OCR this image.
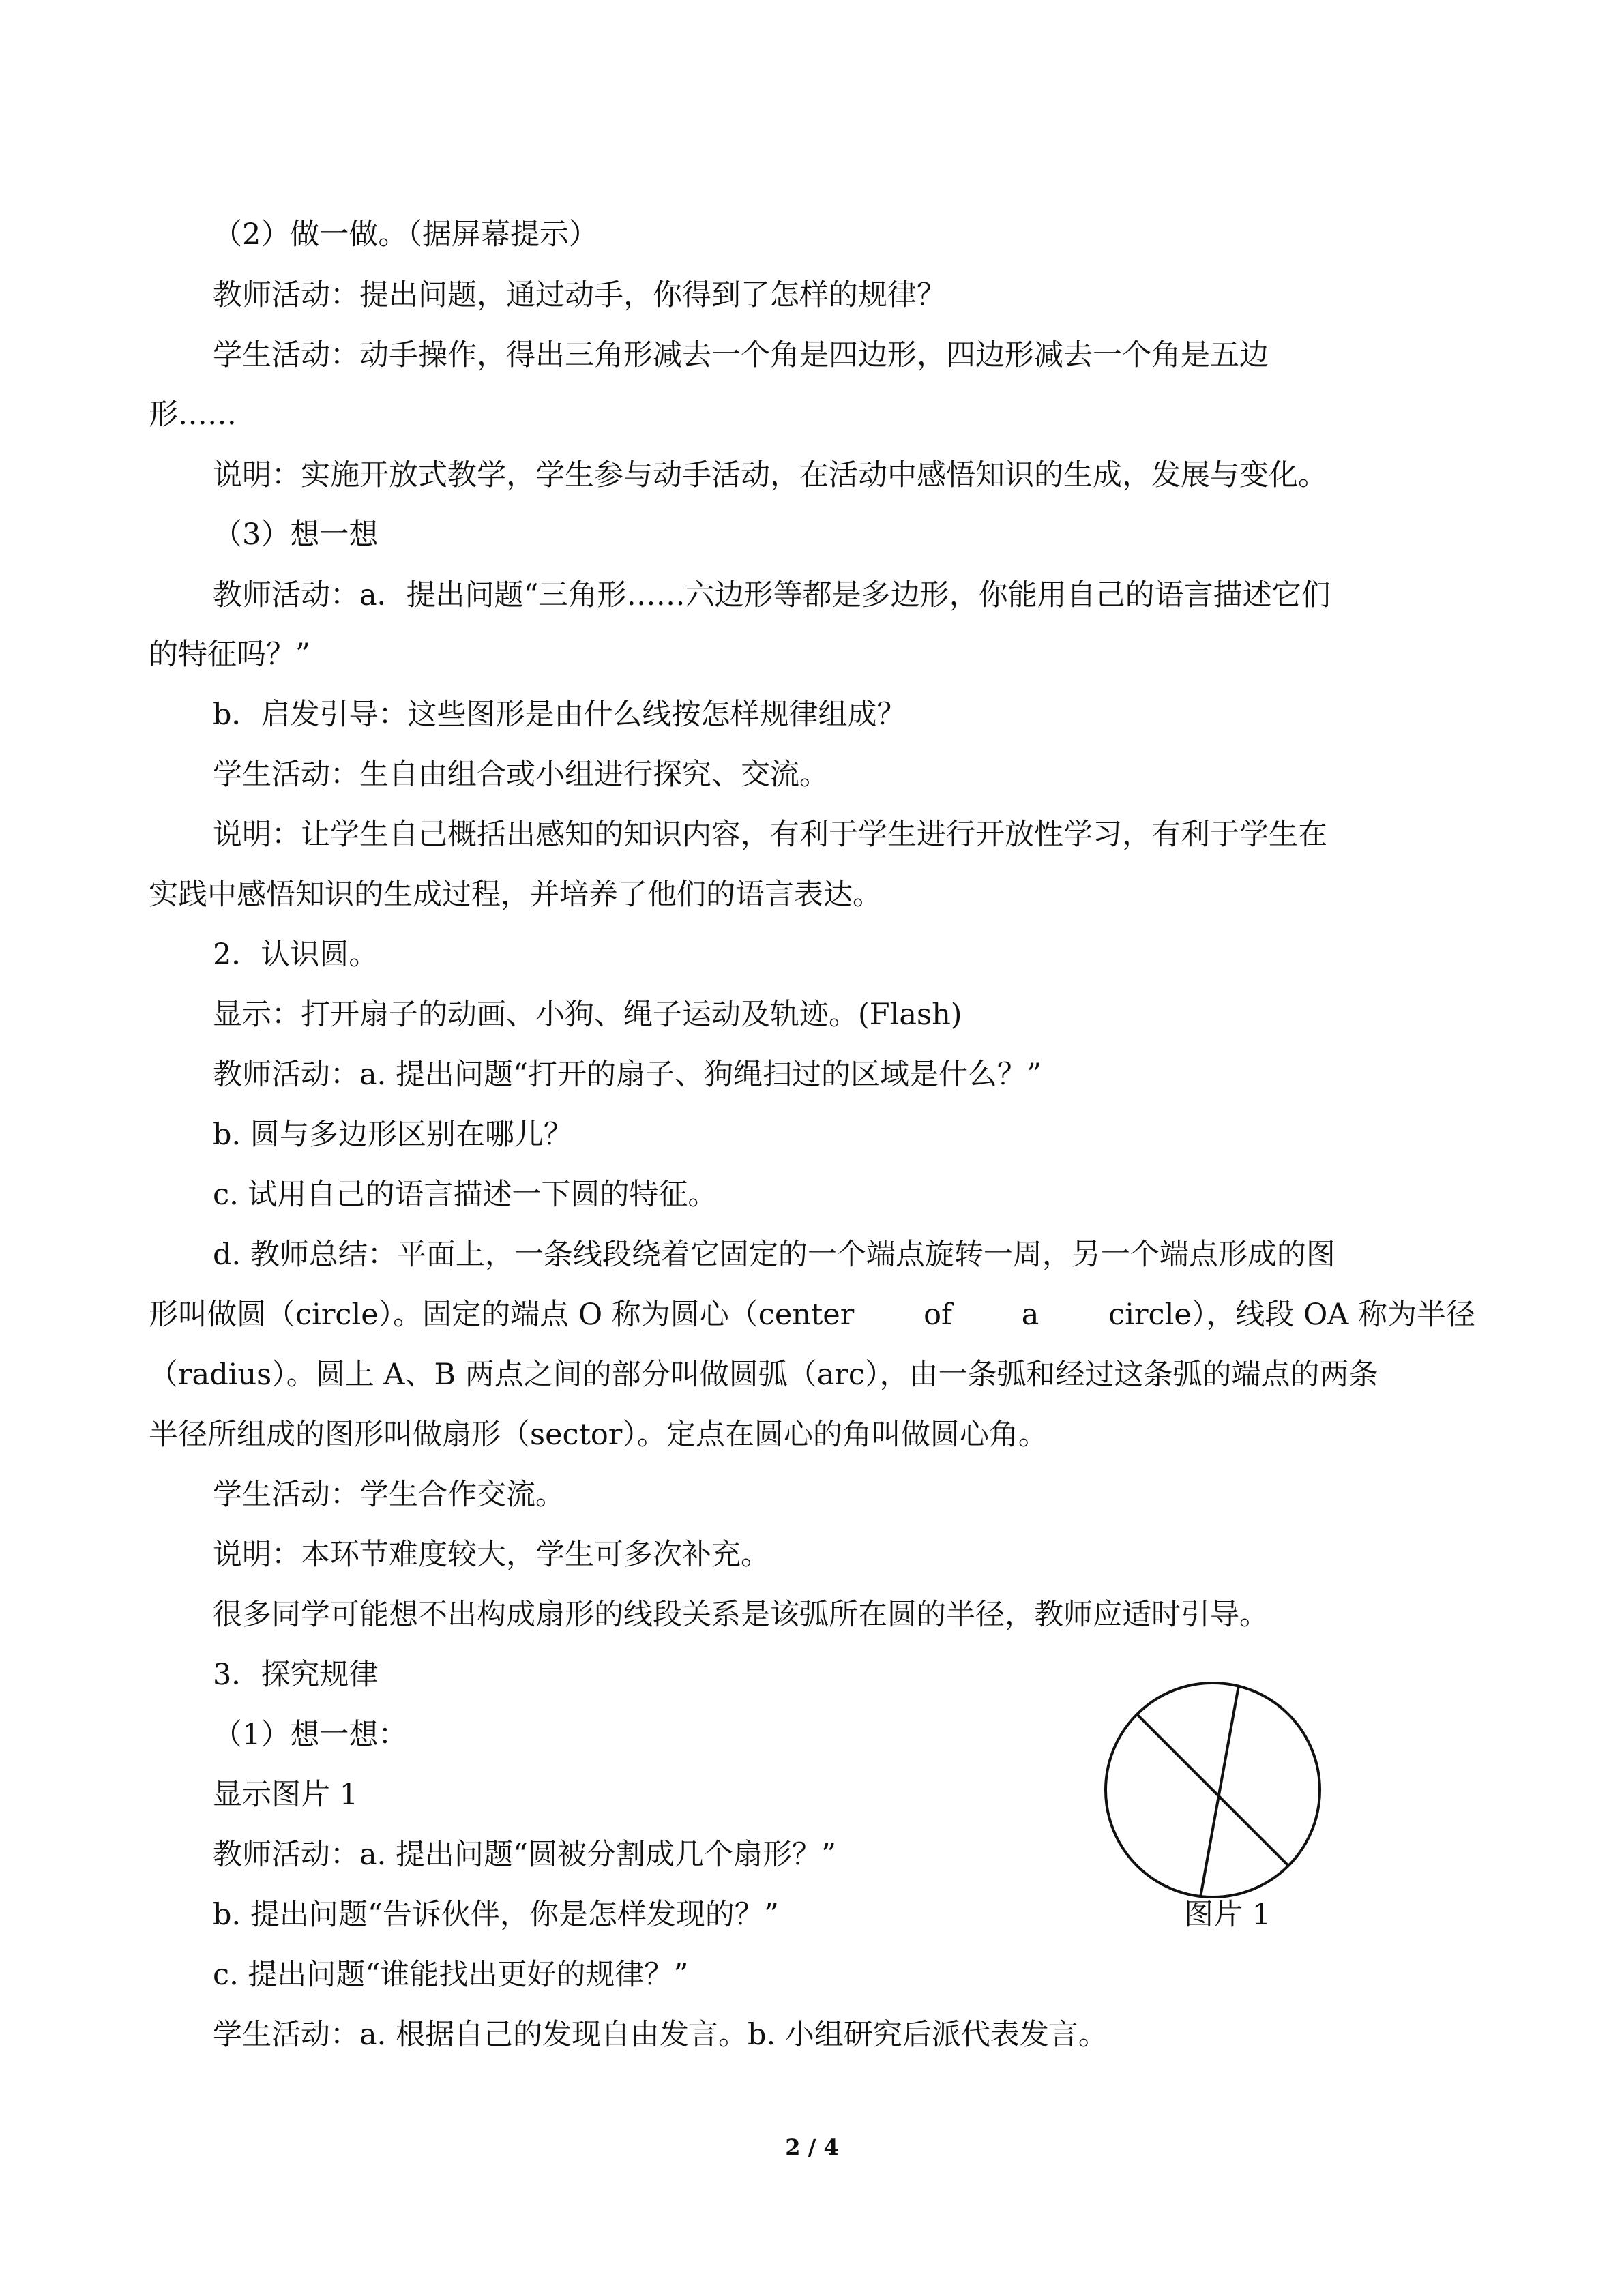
（2）做一做。（据屏幕提示）

教师活动：提出问题，通过动手，你得到了怎样的规律？

学生活动：动手操作，得出三角形减去一个角是四边形，四边形减去一个角是五边

形……

说明：实施开放式教学，学生参与动手活动，在活动中感悟知识的生成，发展与变化。

（3）想一想

教师活动：a．提出问题“三角形……六边形等都是多边形，你能用自己的语言描述它们

的特征吗？”

b．启发引导：这些图形是由什么线按怎样规律组成？

学生活动：生自由组合或小组进行探究、交流。

说明：让学生自己概括出感知的知识内容，有利于学生进行开放性学习，有利于学生在

实践中感悟知识的生成过程，并培养了他们的语言表达。

2．认识圆。

显示：打开扇子的动画、小狗、绳子运动及轨迹。(Flash)

教师活动：a. 提出问题“打开的扇子、狗绳扫过的区域是什么？”

b. 圆与多边形区别在哪儿？

c. 试用自己的语言描述一下圆的特征。

d. 教师总结：平面上，一条线段绕着它固定的一个端点旋转一周，另一个端点形成的图

形叫做圆（circle）。固定的端点 O 称为圆心（center of a circle），线段 OA 称为半径

（radius）。圆上 A、B 两点之间的部分叫做圆弧（arc），由一条弧和经过这条弧的端点的两条

半径所组成的图形叫做扇形（sector）。定点在圆心的角叫做圆心角。

学生活动：学生合作交流。

说明：本环节难度较大，学生可多次补充。

很多同学可能想不出构成扇形的线段关系是该弧所在圆的半径，教师应适时引导。

3．探究规律

（1）想一想：

显示图片 1

教师活动：a. 提出问题“圆被分割成几个扇形？”

b. 提出问题“告诉伙伴，你是怎样发现的？”

c. 提出问题“谁能找出更好的规律？”

学生活动：a. 根据自己的发现自由发言。b. 小组研究后派代表发言。

图片 1
2 / 4
